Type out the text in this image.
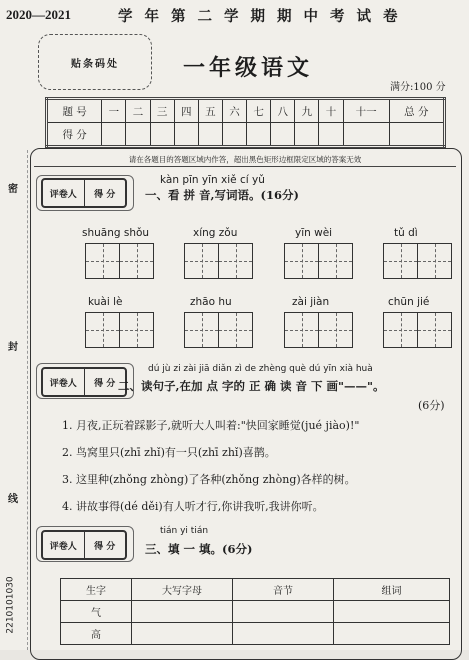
密
封
线
2210101030
2020—2021	学年第二学期期中考试卷
贴条码处	一年级语文
满分:100 分
题 号	一	二	三	四	五	六	七	八	九	十	十一	总 分
得 分												
请在各题目的答题区域内作答，超出黑色矩形边框限定区域的答案无效
评卷人	得 分
kàn pīn yīn xiě cí yǔ
一、看 拼 音,写词语。(16分)
shuāng shǒu	xíng zǒu	yīn wèi	tǔ dì
kuài lè	zhāo hu	zài jiàn	chūn jié
评卷人	得 分
dú jù zi zài jiā diǎn zì de zhèng què dú yīn xià huà
二、读句子,在加 点 字的 正 确 读 音 下 画"——"。
(6分)
1. 月夜,正玩着踩影子,就听大人叫着:"快回家睡觉(jué jiào)!"
2. 鸟窝里只(zhī zhǐ)有一只(zhī zhǐ)喜鹊。
3. 这里种(zhǒng zhòng)了各种(zhǒng zhòng)各样的树。
4. 讲故事得(dé děi)有人听才行,你讲我听,我讲你听。
评卷人	得 分
tián yi tián
三、填 一 填。(6分)
生字	大写字母	音节	组词
气			
高			
